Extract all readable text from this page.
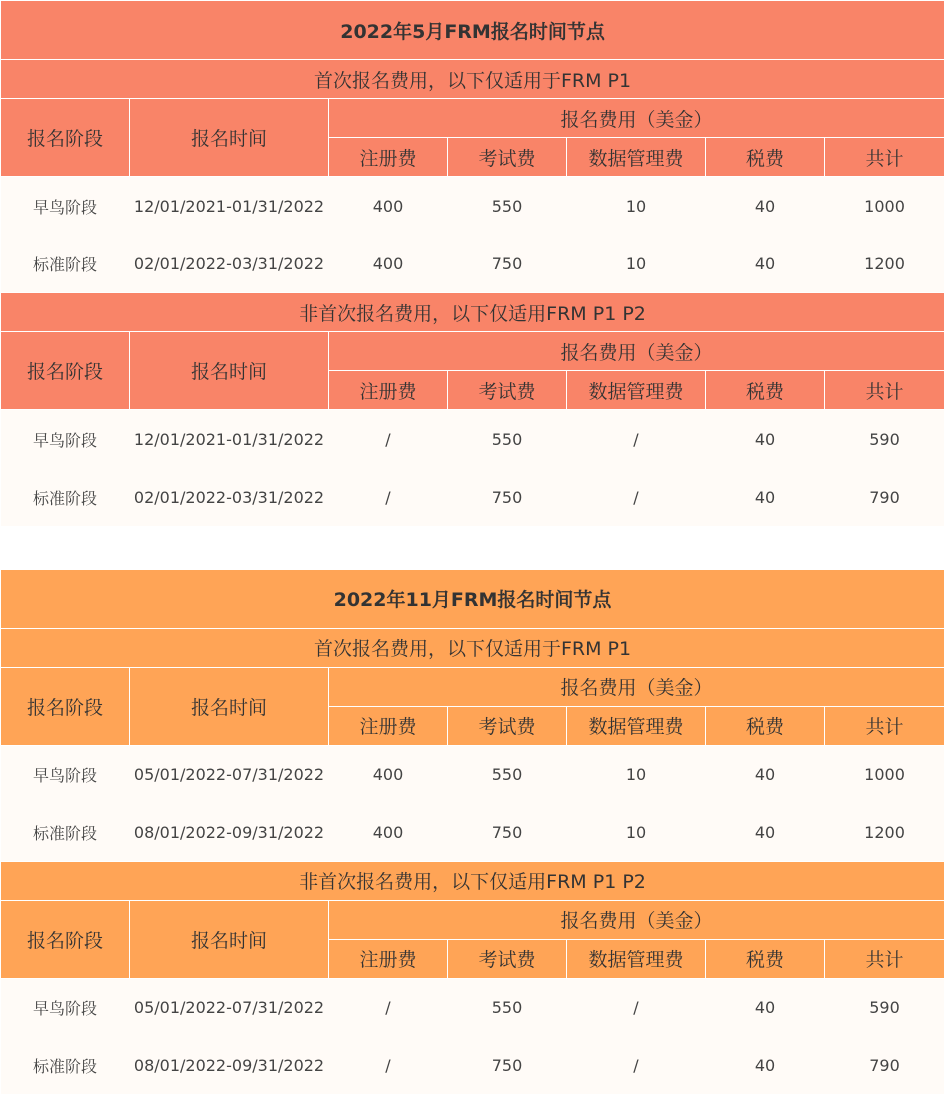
2022年5月FRM报名时间节点						
首次报名费用，以下仅适用于FRM P1						
报名阶段	报名时间	报名费用（美金）				
		注册费	考试费	数据管理费	税费	共计
早鸟阶段	12/01/2021-01/31/2022	400	550	10	40	1000
标准阶段	02/01/2022-03/31/2022	400	750	10	40	1200
非首次报名费用，以下仅适用FRM P1 P2						
报名阶段	报名时间	报名费用（美金）				
		注册费	考试费	数据管理费	税费	共计
早鸟阶段	12/01/2021-01/31/2022	/	550	/	40	590
标准阶段	02/01/2022-03/31/2022	/	750	/	40	790
2022年11月FRM报名时间节点						
首次报名费用，以下仅适用于FRM P1						
报名阶段	报名时间	报名费用（美金）				
		注册费	考试费	数据管理费	税费	共计
早鸟阶段	05/01/2022-07/31/2022	400	550	10	40	1000
标准阶段	08/01/2022-09/31/2022	400	750	10	40	1200
非首次报名费用，以下仅适用FRM P1 P2						
报名阶段	报名时间	报名费用（美金）				
		注册费	考试费	数据管理费	税费	共计
早鸟阶段	05/01/2022-07/31/2022	/	550	/	40	590
标准阶段	08/01/2022-09/31/2022	/	750	/	40	790
